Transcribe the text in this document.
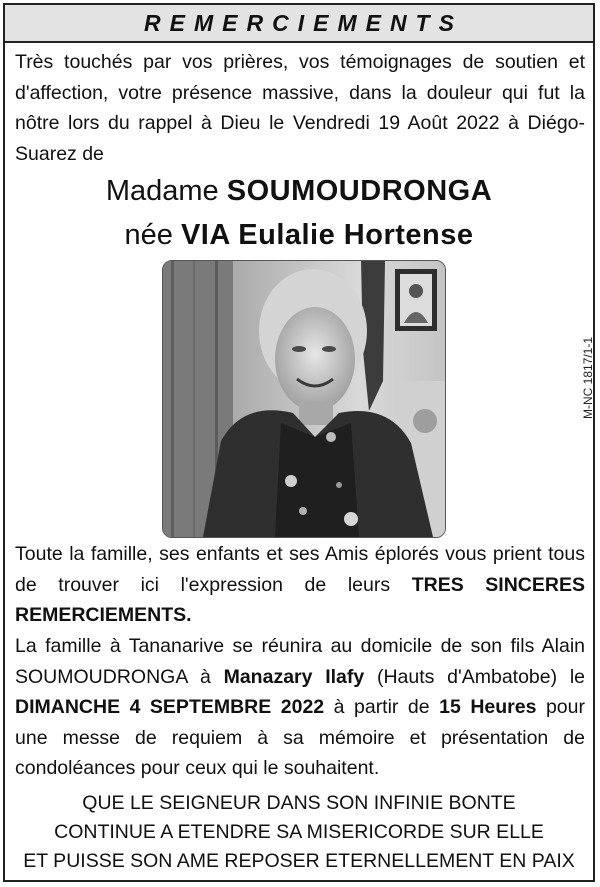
REMERCIEMENTS

Très touchés par vos prières, vos témoignages de soutien et d'affection, votre présence massive, dans la douleur qui fut la nôtre lors du rappel à Dieu le Vendredi 19 Août 2022 à Diégo-Suarez de

Madame SOUMOUDRONGA
née VIA Eulalie Hortense
M-NC 1817/1-1

Toute la famille, ses enfants et ses Amis éplorés vous prient tous de trouver ici l'expression de leurs TRES SINCERES REMERCIEMENTS.

La famille à Tananarive se réunira au domicile de son fils Alain SOUMOUDRONGA à Manazary Ilafy (Hauts d'Ambatobe) le DIMANCHE 4 SEPTEMBRE 2022 à partir de 15 Heures pour une messe de requiem à sa mémoire et présentation de condoléances pour ceux qui le souhaitent.

QUE LE SEIGNEUR DANS SON INFINIE BONTE
CONTINUE A ETENDRE SA MISERICORDE SUR ELLE
ET PUISSE SON AME REPOSER ETERNELLEMENT EN PAIX
